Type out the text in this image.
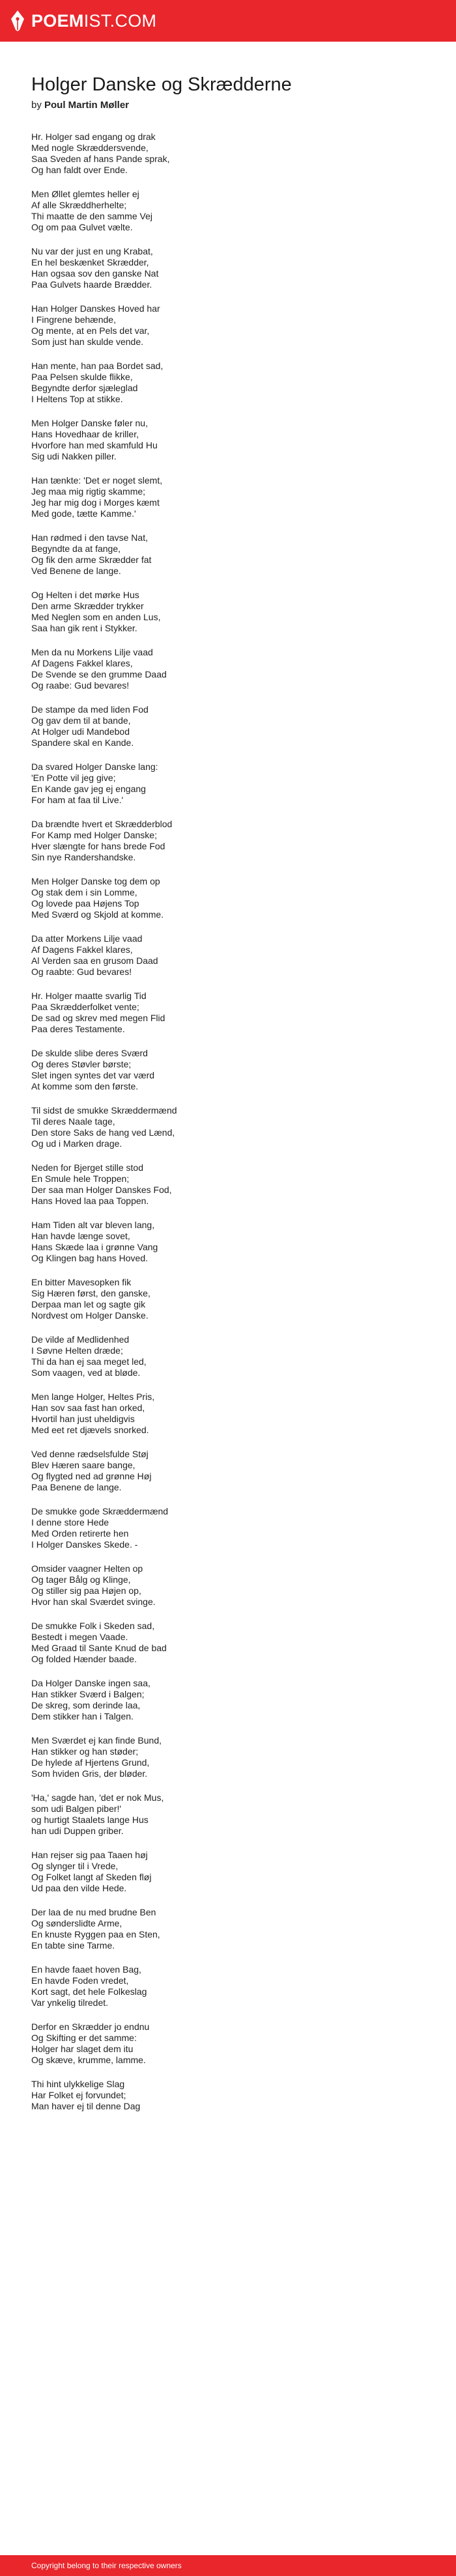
POEM IST.COM
Holger Danske og Skrædderne
by Poul Martin Møller
Hr. Holger sad engang og drak
Med nogle Skræddersvende,
Saa Sveden af hans Pande sprak,
Og han faldt over Ende.
Men Øllet glemtes heller ej
Af alle Skræddherhelte;
Thi maatte de den samme Vej
Og om paa Gulvet vælte.
Nu var der just en ung Krabat,
En hel beskænket Skrædder,
Han ogsaa sov den ganske Nat
Paa Gulvets haarde Brædder.
Han Holger Danskes Hoved har
I Fingrene behænde,
Og mente, at en Pels det var,
Som just han skulde vende.
Han mente, han paa Bordet sad,
Paa Pelsen skulde flikke,
Begyndte derfor sjæleglad
I Heltens Top at stikke.
Men Holger Danske føler nu,
Hans Hovedhaar de kriller,
Hvorfore han med skamfuld Hu
Sig udi Nakken piller.
Han tænkte: 'Det er noget slemt,
Jeg maa mig rigtig skamme;
Jeg har mig dog i Morges kæmt
Med gode, tætte Kamme.'
Han rødmed i den tavse Nat,
Begyndte da at fange,
Og fik den arme Skrædder fat
Ved Benene de lange.
Og Helten i det mørke Hus
Den arme Skrædder trykker
Med Neglen som en anden Lus,
Saa han gik rent i Stykker.
Men da nu Morkens Lilje vaad
Af Dagens Fakkel klares,
De Svende se den grumme Daad
Og raabe: Gud bevares!
De stampe da med liden Fod
Og gav dem til at bande,
At Holger udi Mandebod
Spandere skal en Kande.
Da svared Holger Danske lang:
'En Potte vil jeg give;
En Kande gav jeg ej engang
For ham at faa til Live.'
Da brændte hvert et Skrædderblod
For Kamp med Holger Danske;
Hver slængte for hans brede Fod
Sin nye Randershandske.
Men Holger Danske tog dem op
Og stak dem i sin Lomme,
Og lovede paa Højens Top
Med Sværd og Skjold at komme.
Da atter Morkens Lilje vaad
Af Dagens Fakkel klares,
Al Verden saa en grusom Daad
Og raabte: Gud bevares!
Hr. Holger maatte svarlig Tid
Paa Skrædderfolket vente;
De sad og skrev med megen Flid
Paa deres Testamente.
De skulde slibe deres Sværd
Og deres Støvler børste;
Slet ingen syntes det var værd
At komme som den første.
Til sidst de smukke Skræddermænd
Til deres Naale tage,
Den store Saks de hang ved Lænd,
Og ud i Marken drage.
Neden for Bjerget stille stod
En Smule hele Troppen;
Der saa man Holger Danskes Fod,
Hans Hoved laa paa Toppen.
Ham Tiden alt var bleven lang,
Han havde længe sovet,
Hans Skæde laa i grønne Vang
Og Klingen bag hans Hoved.
En bitter Mavesopken fik
Sig Hæren først, den ganske,
Derpaa man let og sagte gik
Nordvest om Holger Danske.
De vilde af Medlidenhed
I Søvne Helten dræde;
Thi da han ej saa meget led,
Som vaagen, ved at bløde.
Men lange Holger, Heltes Pris,
Han sov saa fast han orked,
Hvortil han just uheldigvis
Med eet ret djævels snorked.
Ved denne rædselsfulde Støj
Blev Hæren saare bange,
Og flygted ned ad grønne Høj
Paa Benene de lange.
De smukke gode Skræddermænd
I denne store Hede
Med Orden retirerte hen
I Holger Danskes Skede. -
Omsider vaagner Helten op
Og tager Bålg og Klinge,
Og stiller sig paa Højen op,
Hvor han skal Sværdet svinge.
De smukke Folk i Skeden sad,
Bestedt i megen Vaade.
Med Graad til Sante Knud de bad
Og folded Hænder baade.
Da Holger Danske ingen saa,
Han stikker Sværd i Balgen;
De skreg, som derinde laa,
Dem stikker han i Talgen.
Men Sværdet ej kan finde Bund,
Han stikker og han støder;
De hylede af Hjertens Grund,
Som hviden Gris, der bløder.
'Ha,' sagde han, 'det er nok Mus,
som udi Balgen piber!'
og hurtigt Staalets lange Hus
han udi Duppen griber.
Han rejser sig paa Taaen høj
Og slynger til i Vrede,
Og Folket langt af Skeden fløj
Ud paa den vilde Hede.
Der laa de nu med brudne Ben
Og sønderslidte Arme,
En knuste Ryggen paa en Sten,
En tabte sine Tarme.
En havde faaet hoven Bag,
En havde Foden vredet,
Kort sagt, det hele Folkeslag
Var ynkelig tilredet.
Derfor en Skrædder jo endnu
Og Skifting er det samme:
Holger har slaget dem itu
Og skæve, krumme, lamme.
Thi hint ulykkelige Slag
Har Folket ej forvundet;
Man haver ej til denne Dag
Copyright belong to their respective owners
